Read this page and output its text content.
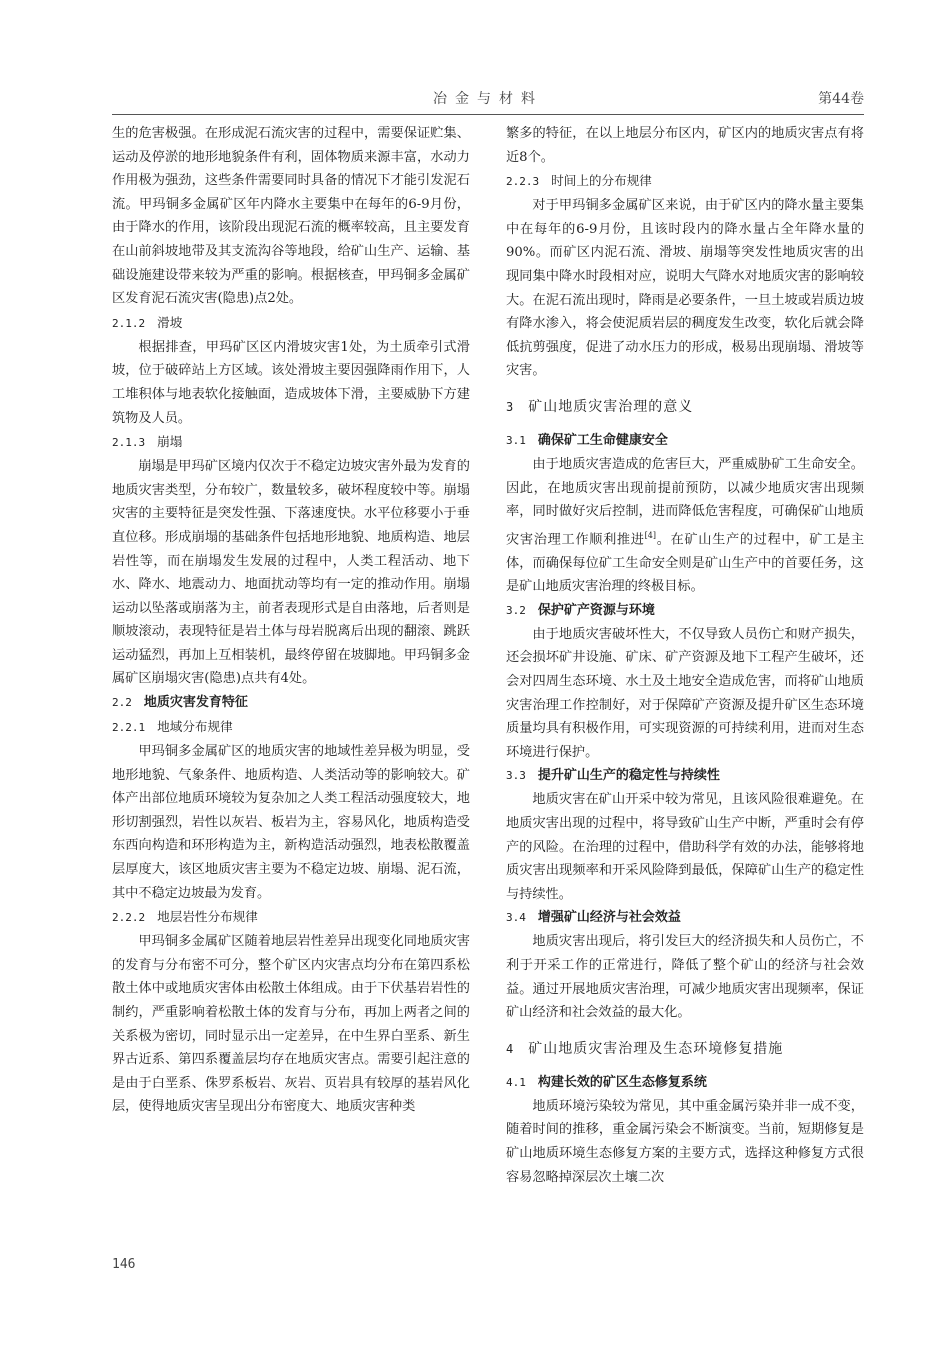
冶金与材料	第44卷

生的危害极强。在形成泥石流灾害的过程中，需要保证贮集、运动及停淤的地形地貌条件有利，固体物质来源丰富，水动力作用极为强劲，这些条件需要同时具备的情况下才能引发泥石流。甲玛铜多金属矿区年内降水主要集中在每年的6-9月份，由于降水的作用，该阶段出现泥石流的概率较高，且主要发育在山前斜坡地带及其支流沟谷等地段，给矿山生产、运输、基础设施建设带来较为严重的影响。根据核查，甲玛铜多金属矿区发育泥石流灾害(隐患)点2处。

2.1.2 滑坡

根据排查，甲玛矿区区内滑坡灾害1处，为土质牵引式滑坡，位于破碎站上方区域。该处滑坡主要因强降雨作用下，人工堆积体与地表软化接触面，造成坡体下滑，主要威胁下方建筑物及人员。

2.1.3 崩塌

崩塌是甲玛矿区境内仅次于不稳定边坡灾害外最为发育的地质灾害类型，分布较广，数量较多，破坏程度较中等。崩塌灾害的主要特征是突发性强、下落速度快。水平位移要小于垂直位移。形成崩塌的基础条件包括地形地貌、地质构造、地层岩性等，而在崩塌发生发展的过程中，人类工程活动、地下水、降水、地震动力、地面扰动等均有一定的推动作用。崩塌运动以坠落或崩落为主，前者表现形式是自由落地，后者则是顺坡滚动，表现特征是岩土体与母岩脱离后出现的翻滚、跳跃运动猛烈，再加上互相装机，最终停留在坡脚地。甲玛铜多金属矿区崩塌灾害(隐患)点共有4处。

2.2 地质灾害发育特征
2.2.1 地域分布规律

甲玛铜多金属矿区的地质灾害的地域性差异极为明显，受地形地貌、气象条件、地质构造、人类活动等的影响较大。矿体产出部位地质环境较为复杂加之人类工程活动强度较大，地形切割强烈，岩性以灰岩、板岩为主，容易风化，地质构造受东西向构造和环形构造为主，新构造活动强烈，地表松散覆盖层厚度大，该区地质灾害主要为不稳定边坡、崩塌、泥石流，其中不稳定边坡最为发育。

2.2.2 地层岩性分布规律

甲玛铜多金属矿区随着地层岩性差异出现变化同地质灾害的发育与分布密不可分，整个矿区内灾害点均分布在第四系松散土体中或地质灾害体由松散土体组成。由于下伏基岩岩性的制约，严重影响着松散土体的发育与分布，再加上两者之间的关系极为密切，同时显示出一定差异，在中生界白垩系、新生界古近系、第四系覆盖层均存在地质灾害点。需要引起注意的是由于白垩系、侏罗系板岩、灰岩、页岩具有较厚的基岩风化层，使得地质灾害呈现出分布密度大、地质灾害种类

繁多的特征，在以上地层分布区内，矿区内的地质灾害点有将近8个。

2.2.3 时间上的分布规律

对于甲玛铜多金属矿区来说，由于矿区内的降水量主要集中在每年的6-9月份，且该时段内的降水量占全年降水量的90%。而矿区内泥石流、滑坡、崩塌等突发性地质灾害的出现同集中降水时段相对应，说明大气降水对地质灾害的影响较大。在泥石流出现时，降雨是必要条件，一旦土坡或岩质边坡有降水渗入，将会使泥质岩层的稠度发生改变，软化后就会降低抗剪强度，促进了动水压力的形成，极易出现崩塌、滑坡等灾害。

3 矿山地质灾害治理的意义
3.1 确保矿工生命健康安全

由于地质灾害造成的危害巨大，严重威胁矿工生命安全。因此，在地质灾害出现前提前预防，以减少地质灾害出现频率，同时做好灾后控制，进而降低危害程度，可确保矿山地质灾害治理工作顺利推进[4]。在矿山生产的过程中，矿工是主体，而确保每位矿工生命安全则是矿山生产中的首要任务，这是矿山地质灾害治理的终极目标。

3.2 保护矿产资源与环境

由于地质灾害破坏性大，不仅导致人员伤亡和财产损失，还会损坏矿井设施、矿床、矿产资源及地下工程产生破坏，还会对四周生态环境、水土及土地安全造成危害，而将矿山地质灾害治理工作控制好，对于保障矿产资源及提升矿区生态环境质量均具有积极作用，可实现资源的可持续利用，进而对生态环境进行保护。

3.3 提升矿山生产的稳定性与持续性

地质灾害在矿山开采中较为常见，且该风险很难避免。在地质灾害出现的过程中，将导致矿山生产中断，严重时会有停产的风险。在治理的过程中，借助科学有效的办法，能够将地质灾害出现频率和开采风险降到最低，保障矿山生产的稳定性与持续性。

3.4 增强矿山经济与社会效益

地质灾害出现后，将引发巨大的经济损失和人员伤亡，不利于开采工作的正常进行，降低了整个矿山的经济与社会效益。通过开展地质灾害治理，可减少地质灾害出现频率，保证矿山经济和社会效益的最大化。

4 矿山地质灾害治理及生态环境修复措施
4.1 构建长效的矿区生态修复系统

地质环境污染较为常见，其中重金属污染并非一成不变，随着时间的推移，重金属污染会不断演变。当前，短期修复是矿山地质环境生态修复方案的主要方式，选择这种修复方式很容易忽略掉深层次土壤二次

146
